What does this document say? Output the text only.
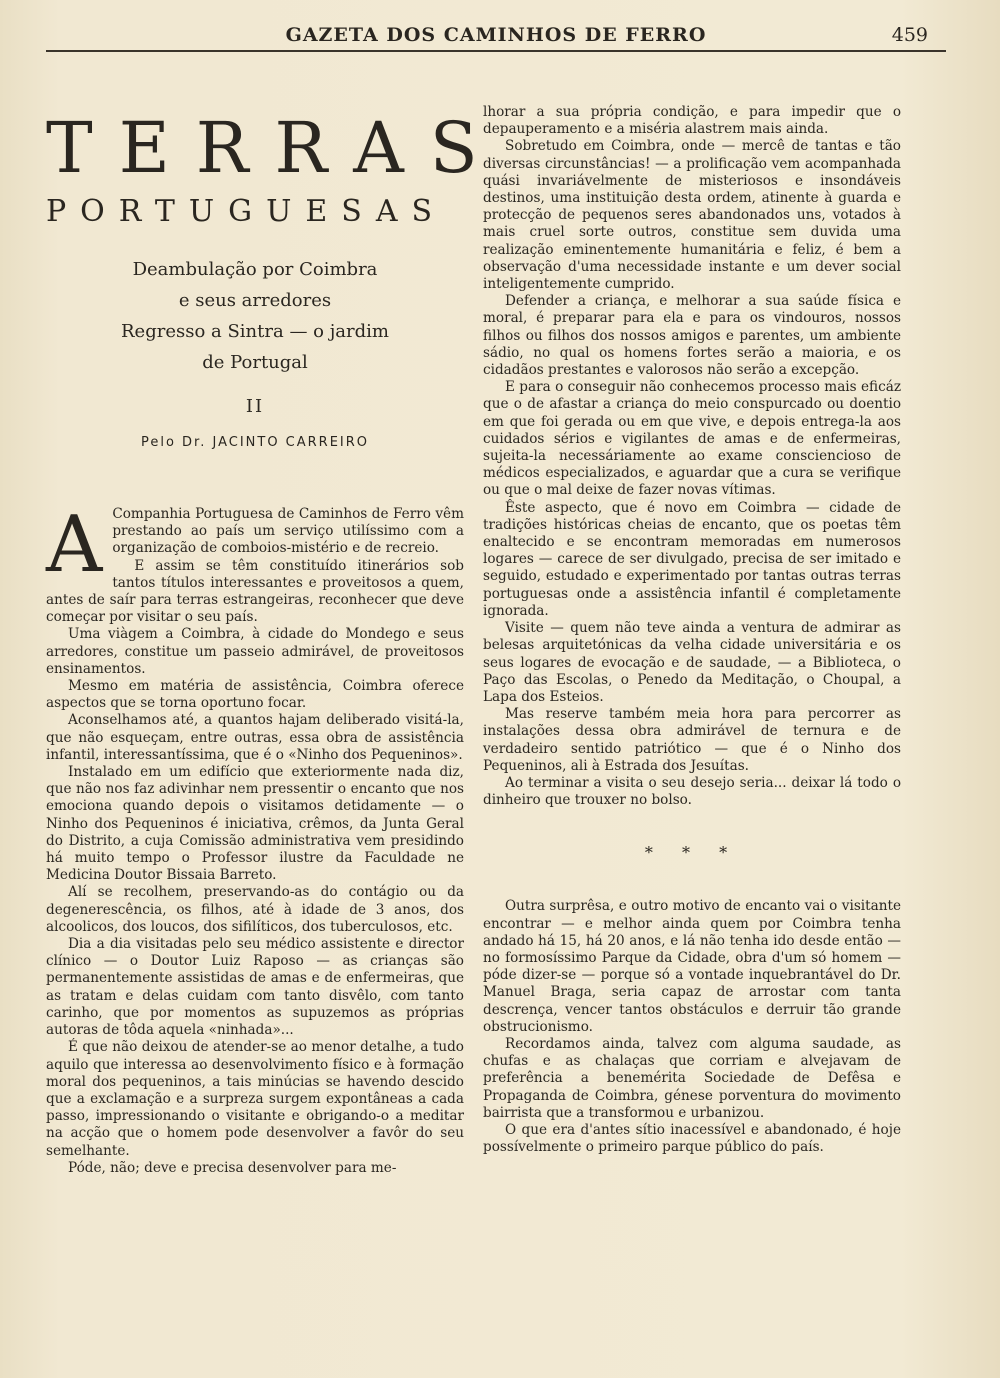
GAZETA DOS CAMINHOS DE FERRO	459
TERRAS
PORTUGUESAS
Deambulação por Coimbra
e seus arredores
Regresso a Sintra — o jardim
de Portugal
II
Pelo Dr. JACINTO CARREIRO

A Companhia Portuguesa de Caminhos de Ferro vêm prestando ao país um serviço utilíssimo com a organização de comboios-mistério e de recreio.

E assim se têm constituído itinerários sob tantos títulos interessantes e proveitosos a quem, antes de saír para terras estrangeiras, reconhecer que deve começar por visitar o seu país.

Uma viàgem a Coimbra, à cidade do Mondego e seus arredores, constitue um passeio admirável, de proveitosos ensinamentos.

Mesmo em matéria de assistência, Coimbra oferece aspectos que se torna oportuno focar.

Aconselhamos até, a quantos hajam deliberado visitá-la, que não esqueçam, entre outras, essa obra de assistência infantil, interessantíssima, que é o «Ninho dos Pequeninos».

Instalado em um edifício que exteriormente nada diz, que não nos faz adivinhar nem pressentir o encanto que nos emociona quando depois o visitamos detidamente — o Ninho dos Pequeninos é iniciativa, crêmos, da Junta Geral do Distrito, a cuja Comissão administrativa vem presidindo há muito tempo o Professor ilustre da Faculdade ne Medicina Doutor Bissaia Barreto.

Alí se recolhem, preservando-as do contágio ou da degenerescência, os filhos, até à idade de 3 anos, dos alcoolicos, dos loucos, dos sifilíticos, dos tuberculosos, etc.

Dia a dia visitadas pelo seu médico assistente e director clínico — o Doutor Luiz Raposo — as crianças são permanentemente assistidas de amas e de enfermeiras, que as tratam e delas cuidam com tanto disvêlo, com tanto carinho, que por momentos as supuzemos as próprias autoras de tôda aquela «ninhada»...

É que não deixou de atender-se ao menor detalhe, a tudo aquilo que interessa ao desenvolvimento físico e à formação moral dos pequeninos, a tais minúcias se havendo descido que a exclamação e a surpreza surgem expontâneas a cada passo, impressionando o visitante e obrigando-o a meditar na acção que o homem pode desenvolver a favôr do seu semelhante.

Póde, não; deve e precisa desenvolver para me-

lhorar a sua própria condição, e para impedir que o depauperamento e a miséria alastrem mais ainda.

Sobretudo em Coimbra, onde — mercê de tantas e tão diversas circunstâncias! — a prolificação vem acompanhada quási invariávelmente de misteriosos e insondáveis destinos, uma instituição desta ordem, atinente à guarda e protecção de pequenos seres abandonados uns, votados à mais cruel sorte outros, constitue sem duvida uma realização eminentemente humanitária e feliz, é bem a observação d'uma necessidade instante e um dever social inteligentemente cumprido.

Defender a criança, e melhorar a sua saúde física e moral, é preparar para ela e para os vindouros, nossos filhos ou filhos dos nossos amigos e parentes, um ambiente sádio, no qual os homens fortes serão a maioria, e os cidadãos prestantes e valorosos não serão a excepção.

E para o conseguir não conhecemos processo mais eficáz que o de afastar a criança do meio conspurcado ou doentio em que foi gerada ou em que vive, e depois entrega-la aos cuidados sérios e vigilantes de amas e de enfermeiras, sujeita-la necessáriamente ao exame consciencioso de médicos especializados, e aguardar que a cura se verifique ou que o mal deixe de fazer novas vítimas.

Êste aspecto, que é novo em Coimbra — cidade de tradições históricas cheias de encanto, que os poetas têm enaltecido e se encontram memoradas em numerosos logares — carece de ser divulgado, precisa de ser imitado e seguido, estudado e experimentado por tantas outras terras portuguesas onde a assistência infantil é completamente ignorada.

Visite — quem não teve ainda a ventura de admirar as belesas arquitetónicas da velha cidade universitária e os seus logares de evocação e de saudade, — a Biblioteca, o Paço das Escolas, o Penedo da Meditação, o Choupal, a Lapa dos Esteios.

Mas reserve também meia hora para percorrer as instalações dessa obra admirável de ternura e de verdadeiro sentido patriótico — que é o Ninho dos Pequeninos, ali à Estrada dos Jesuítas.

Ao terminar a visita o seu desejo seria... deixar lá todo o dinheiro que trouxer no bolso.

* * *

Outra surprêsa, e outro motivo de encanto vai o visitante encontrar — e melhor ainda quem por Coimbra tenha andado há 15, há 20 anos, e lá não tenha ido desde então — no formosíssimo Parque da Cidade, obra d'um só homem — póde dizer-se — porque só a vontade inquebrantável do Dr. Manuel Braga, seria capaz de arrostar com tanta descrença, vencer tantos obstáculos e derruir tão grande obstrucionismo.

Recordamos ainda, talvez com alguma saudade, as chufas e as chalaças que corriam e alvejavam de preferência a benemérita Sociedade de Defêsa e Propaganda de Coimbra, génese porventura do movimento bairrista que a transformou e urbanizou.

O que era d'antes sítio inacessível e abandonado, é hoje possívelmente o primeiro parque público do país.
